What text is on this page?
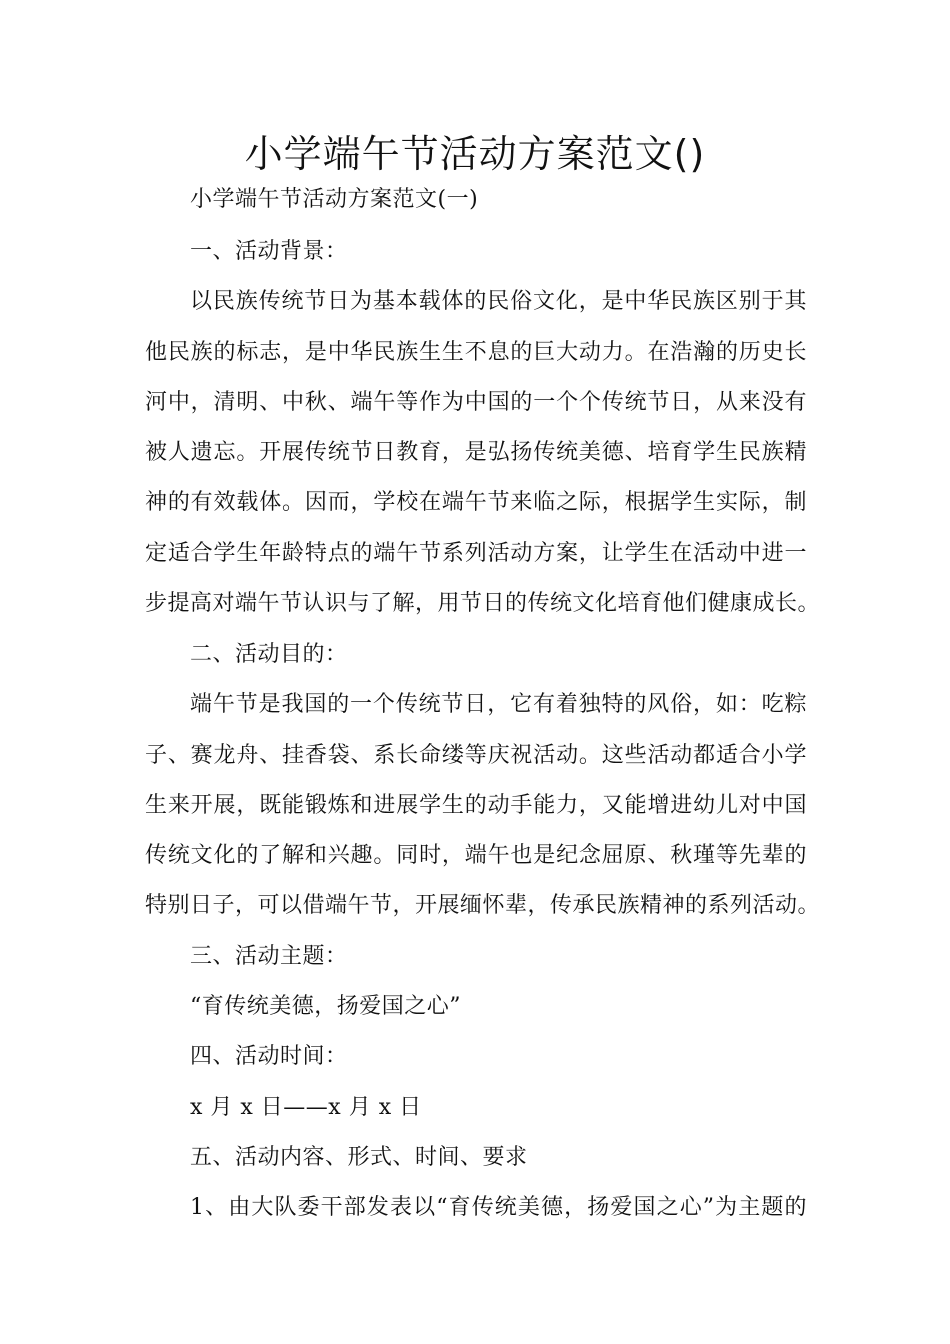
小学端午节活动方案范文()

小学端午节活动方案范文(一)

一、活动背景：

以民族传统节日为基本载体的民俗文化，是中华民族区别于其

他民族的标志，是中华民族生生不息的巨大动力。在浩瀚的历史长

河中，清明、中秋、端午等作为中国的一个个传统节日，从来没有

被人遗忘。开展传统节日教育，是弘扬传统美德、培育学生民族精

神的有效载体。因而，学校在端午节来临之际，根据学生实际，制

定适合学生年龄特点的端午节系列活动方案，让学生在活动中进一

步提高对端午节认识与了解，用节日的传统文化培育他们健康成长。

二、活动目的：

端午节是我国的一个传统节日，它有着独特的风俗，如：吃粽

子、赛龙舟、挂香袋、系长命缕等庆祝活动。这些活动都适合小学

生来开展，既能锻炼和进展学生的动手能力，又能增进幼儿对中国

传统文化的了解和兴趣。同时，端午也是纪念屈原、秋瑾等先辈的

特别日子，可以借端午节，开展缅怀辈，传承民族精神的系列活动。

三、活动主题：

“育传统美德，扬爱国之心”

四、活动时间：

x 月 x 日——x 月 x 日

五、活动内容、形式、时间、要求

1、由大队委干部发表以“育传统美德，扬爱国之心”为主题的
